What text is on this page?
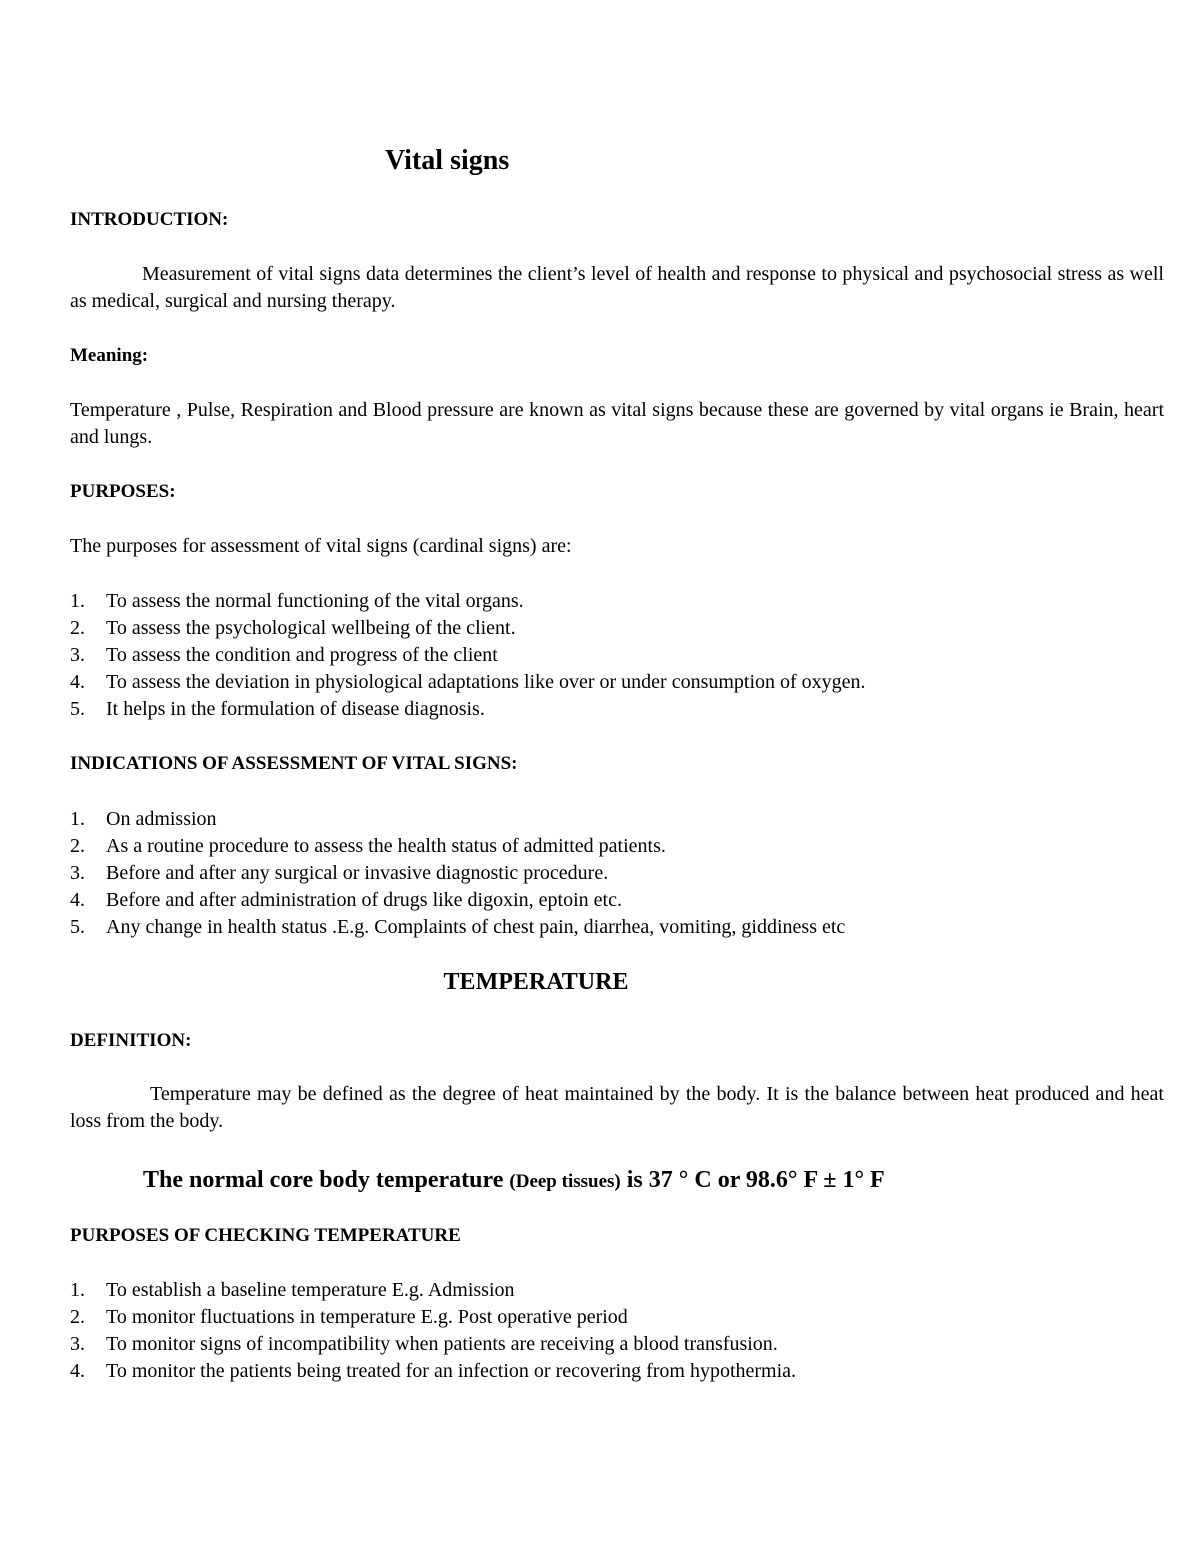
Vital signs
INTRODUCTION:
Measurement of vital signs data determines the client’s level of health and response to physical and psychosocial stress as well as medical, surgical and nursing therapy.
Meaning:
Temperature , Pulse, Respiration and Blood pressure are known as vital signs because these are governed by vital organs ie Brain, heart and lungs.
PURPOSES:
The purposes for assessment of vital signs (cardinal signs) are:
1.	To assess the normal functioning of the vital organs.
2.	To assess the psychological wellbeing of the client.
3.	To assess the condition and progress of the client
4.	To assess the deviation in physiological adaptations like over or under consumption of oxygen.
5.	It helps in the formulation of disease diagnosis.
INDICATIONS OF ASSESSMENT OF VITAL SIGNS:
1.	On admission
2.	As a routine procedure to assess the health status of admitted patients.
3.	Before and after any surgical or invasive diagnostic procedure.
4.	Before and after administration of drugs like digoxin, eptoin etc.
5.	Any change in health status .E.g. Complaints of chest pain, diarrhea, vomiting, giddiness etc
TEMPERATURE
DEFINITION:
Temperature may be defined as the degree of heat maintained by the body. It is the balance between heat produced and heat loss from the body.
The normal core body temperature (Deep tissues) is 37 ° C or 98.6° F ± 1° F
PURPOSES OF CHECKING TEMPERATURE
1.	To establish a baseline temperature E.g. Admission
2.	To monitor fluctuations in temperature E.g. Post operative period
3.	To monitor signs of incompatibility when patients are receiving a blood transfusion.
4.	To monitor the patients being treated for an infection or recovering from hypothermia.
